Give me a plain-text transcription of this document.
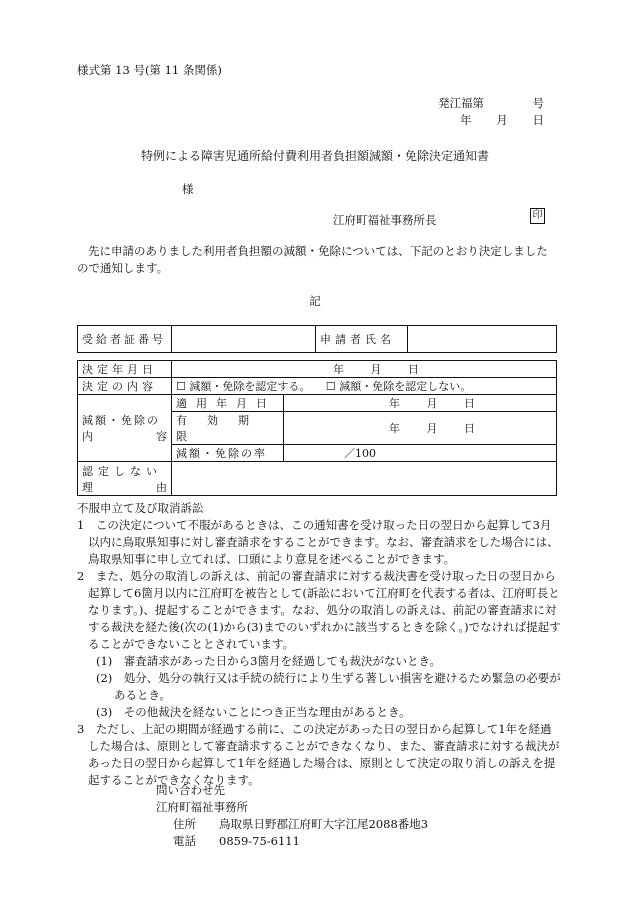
様式第 13 号(第 11 条関係)
発江福第	号
年 月 日
特例による障害児通所給付費利用者負担額減額・免除決定通知書
様
江府町福祉事務所長	印
先に申請のありました利用者負担額の減額・免除については、下記のとおり決定しましたので通知します。
記
受給者証番号		申請者氏名	
決定年月日	年 月 日	
決定の内容	☐ 減額・免除を認定する。 ☐ 減額・免除を認定しない。	

減額・免除の
内 容	適用年月日	年 月 日
	有効期限	年 月 日
	減額・免除の率	／100

認定しない
理 由		

不服申立て及び取消訴訟

1　この決定について不服があるときは、この通知書を受け取った日の翌日から起算して3月以内に鳥取県知事に対し審査請求をすることができます。なお、審査請求をした場合には、鳥取県知事に申し立てれば、口頭により意見を述べることができます。

2　また、処分の取消しの訴えは、前記の審査請求に対する裁決書を受け取った日の翌日から起算して6箇月以内に江府町を被告として(訴訟において江府町を代表する者は、江府町長となります。)、提起することができます。なお、処分の取消しの訴えは、前記の審査請求に対する裁決を経た後(次の(1)から(3)までのいずれかに該当するときを除く。)でなければ提起することができないこととされています。

(1)　審査請求があった日から3箇月を経過しても裁決がないとき。

(2)　処分、処分の執行又は手続の続行により生ずる著しい損害を避けるため緊急の必要があるとき。

(3)　その他裁決を経ないことにつき正当な理由があるとき。

3　ただし、上記の期間が経過する前に、この決定があった日の翌日から起算して1年を経過した場合は、原則として審査請求することができなくなり、また、審査請求に対する裁決があった日の翌日から起算して1年を経過した場合は、原則として決定の取り消しの訴えを提起することができなくなります。

問い合わせ先
江府町福祉事務所
住所	鳥取県日野郡江府町大字江尾2088番地3
電話	0859-75-6111
